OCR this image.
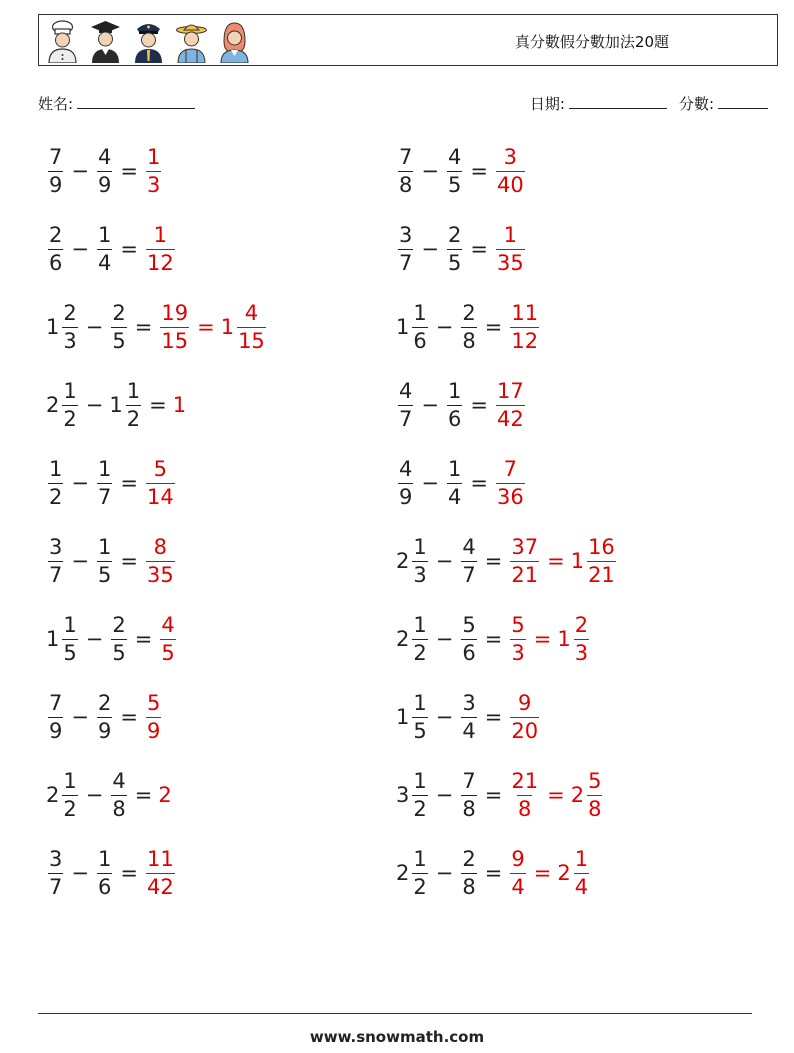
真分數假分數加法20題
姓名:	日期:	分數:
$\frac{7}{9} - \frac{4}{9} = \frac{1}{3}$	$\frac{7}{8} - \frac{4}{5} = \frac{3}{40}$
$\frac{2}{6} - \frac{1}{4} = \frac{1}{12}$	$\frac{3}{7} - \frac{2}{5} = \frac{1}{35}$
$1 \frac{2}{3} - \frac{2}{5} = \frac{19}{15} = 1 \frac{4}{15}$	$1 \frac{1}{6} - \frac{2}{8} = \frac{11}{12}$
$2 \frac{1}{2} - 1 \frac{1}{2} = 1$	$\frac{4}{7} - \frac{1}{6} = \frac{17}{42}$
$\frac{1}{2} - \frac{1}{7} = \frac{5}{14}$	$\frac{4}{9} - \frac{1}{4} = \frac{7}{36}$
$\frac{3}{7} - \frac{1}{5} = \frac{8}{35}$	$2 \frac{1}{3} - \frac{4}{7} = \frac{37}{21} = 1 \frac{16}{21}$
$1 \frac{1}{5} - \frac{2}{5} = \frac{4}{5}$	$2 \frac{1}{2} - \frac{5}{6} = \frac{5}{3} = 1 \frac{2}{3}$
$\frac{7}{9} - \frac{2}{9} = \frac{5}{9}$	$1 \frac{1}{5} - \frac{3}{4} = \frac{9}{20}$
$2 \frac{1}{2} - \frac{4}{8} = 2$	$3 \frac{1}{2} - \frac{7}{8} = \frac{21}{8} = 2 \frac{5}{8}$
$\frac{3}{7} - \frac{1}{6} = \frac{11}{42}$	$2 \frac{1}{2} - \frac{2}{8} = \frac{9}{4} = 2 \frac{1}{4}$
www.snowmath.com
